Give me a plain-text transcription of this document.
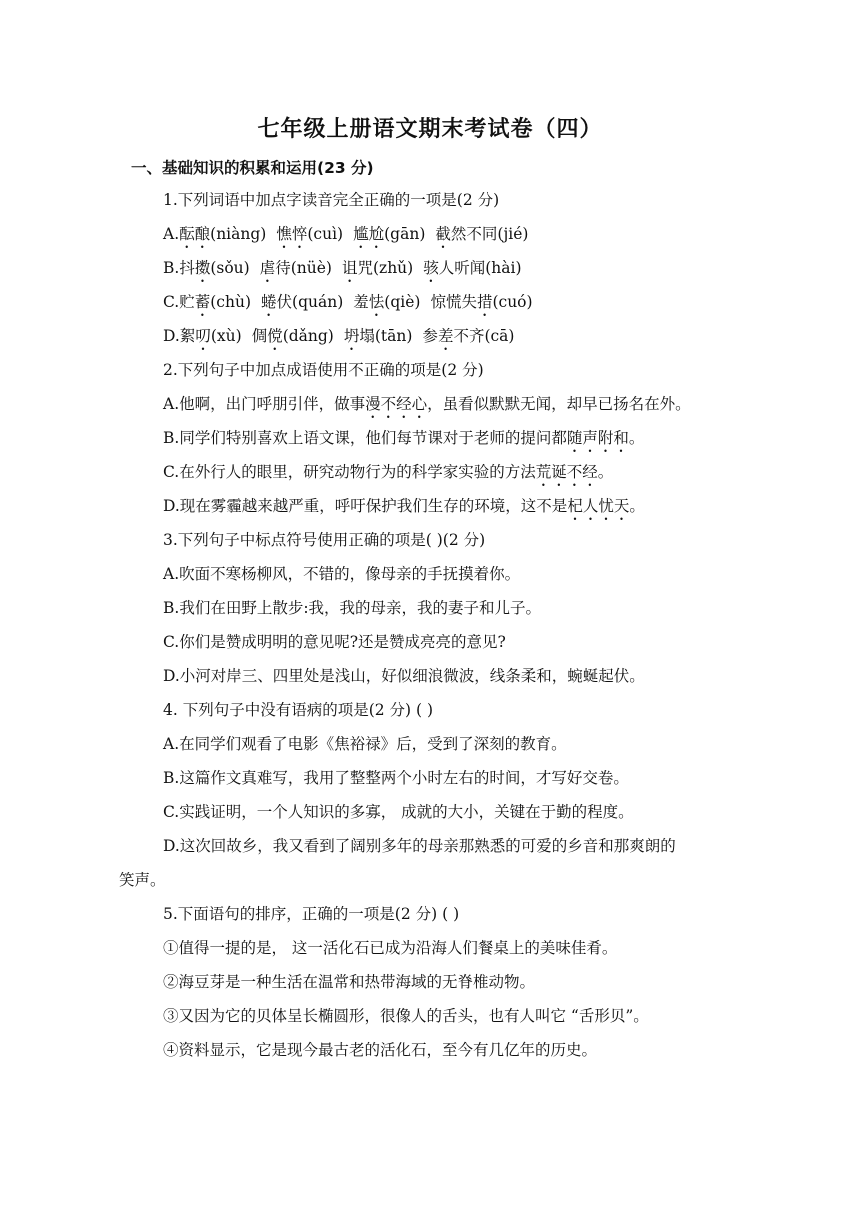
七年级上册语文期末考试卷（四）
一、基础知识的积累和运用(23 分)
1.下列词语中加点字读音完全正确的一项是(2 分)
A.酝酿(niàng) 憔悴(cuì) 尴尬(gān) 截然不同(jié)
B.抖擞(sǒu) 虐待(nüè) 诅咒(zhǔ) 骇人听闻(hài)
C.贮蓄(chù) 蜷伏(quán) 羞怯(qiè) 惊慌失措(cuó)
D.絮叨(xù) 倜傥(dǎng) 坍塌(tān) 参差不齐(cā)
2.下列句子中加点成语使用不正确的项是(2 分)
A.他啊，出门呼朋引伴，做事漫不经心，虽看似默默无闻，却早已扬名在外。
B.同学们特别喜欢上语文课，他们每节课对于老师的提问都随声附和。
C.在外行人的眼里，研究动物行为的科学家实验的方法荒诞不经。
D.现在雾霾越来越严重，呼吁保护我们生存的环境，这不是杞人忧天。
3.下列句子中标点符号使用正确的项是( )(2 分)
A.吹面不寒杨柳风，不错的，像母亲的手抚摸着你。
B.我们在田野上散步:我，我的母亲，我的妻子和儿子。
C.你们是赞成明明的意见呢?还是赞成亮亮的意见?
D.小河对岸三、四里处是浅山，好似细浪微波，线条柔和，蜿蜒起伏。
4. 下列句子中没有语病的项是(2 分) ( )
A.在同学们观看了电影《焦裕禄》后，受到了深刻的教育。
B.这篇作文真难写，我用了整整两个小时左右的时间，才写好交卷。
C.实践证明，一个人知识的多寡， 成就的大小，关键在于勤的程度。
D.这次回故乡，我又看到了阔别多年的母亲那熟悉的可爱的乡音和那爽朗的
笑声。
5.下面语句的排序，正确的一项是(2 分) ( )
①值得一提的是， 这一活化石已成为沿海人们餐桌上的美味佳肴。
②海豆芽是一种生活在温常和热带海域的无脊椎动物。
③又因为它的贝体呈长椭圆形，很像人的舌头，也有人叫它 “舌形贝”。
④资料显示，它是现今最古老的活化石，至今有几亿年的历史。
